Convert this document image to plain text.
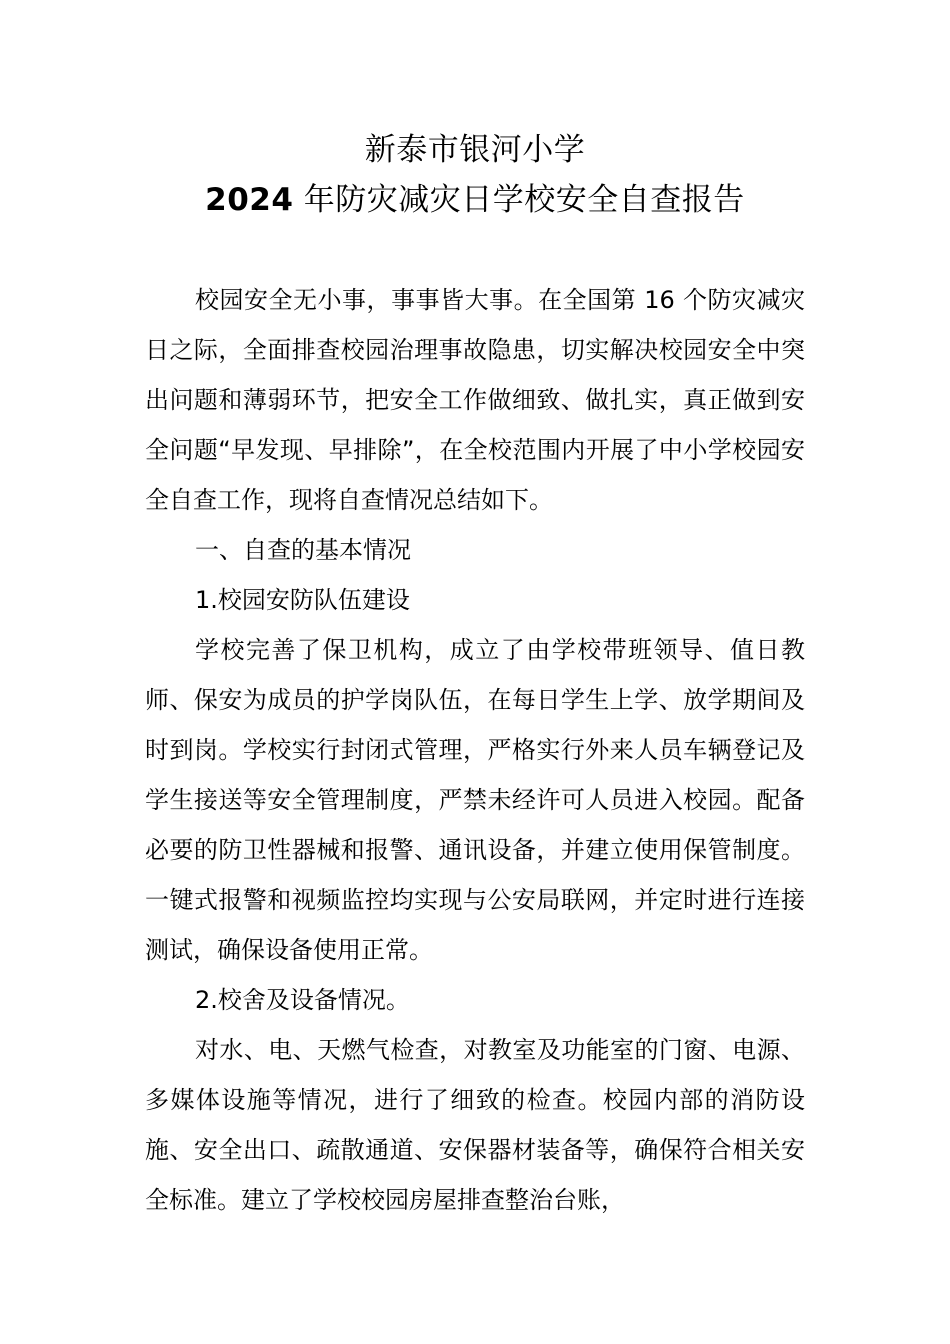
新泰市银河小学
2024 年防灾减灾日学校安全自查报告

校园安全无小事，事事皆大事。在全国第 16 个防灾减灾日之际，全面排查校园治理事故隐患，切实解决校园安全中突出问题和薄弱环节，把安全工作做细致、做扎实，真正做到安全问题“早发现、早排除”，在全校范围内开展了中小学校园安全自查工作，现将自查情况总结如下。

一、自查的基本情况

1.校园安防队伍建设

学校完善了保卫机构，成立了由学校带班领导、值日教师、保安为成员的护学岗队伍，在每日学生上学、放学期间及时到岗。学校实行封闭式管理，严格实行外来人员车辆登记及学生接送等安全管理制度，严禁未经许可人员进入校园。配备必要的防卫性器械和报警、通讯设备，并建立使用保管制度。一键式报警和视频监控均实现与公安局联网，并定时进行连接测试，确保设备使用正常。

2.校舍及设备情况。

对水、电、天燃气检查，对教室及功能室的门窗、电源、多媒体设施等情况，进行了细致的检查。校园内部的消防设施、安全出口、疏散通道、安保器材装备等，确保符合相关安全标准。建立了学校校园房屋排查整治台账，
